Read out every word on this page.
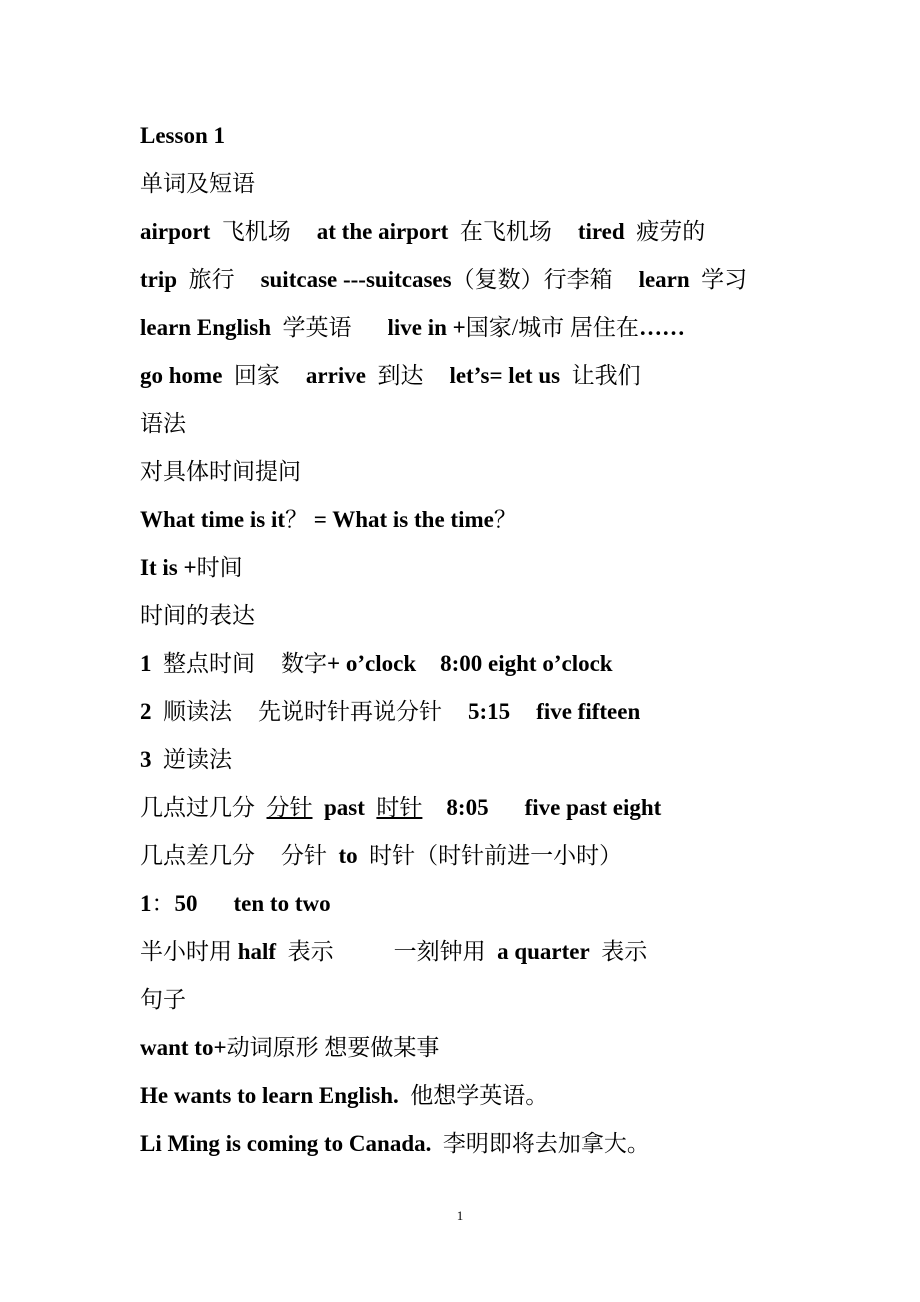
Lesson 1
单词及短语
airport 飞机场 at the airport 在飞机场 tired 疲劳的
trip 旅行 suitcase ---suitcases（复数）行李箱 learn 学习
learn English 学英语 live in +国家/城市 居住在……
go home 回家 arrive 到达 let’s= let us 让我们
语法
对具体时间提问
What time is it？ = What is the time？
It is +时间
时间的表达
1 整点时间 数字+ o’clock 8:00 eight o’clock
2 顺读法 先说时针再说分针 5:15 five fifteen
3 逆读法
几点过几分 分针 past 时针 8:05 five past eight
几点差几分 分针 to 时针（时针前进一小时）
1：50 ten to two
半小时用 half 表示	一刻钟用 a quarter 表示
句子
want to+动词原形 想要做某事
He wants to learn English. 他想学英语。
Li Ming is coming to Canada. 李明即将去加拿大。
1
